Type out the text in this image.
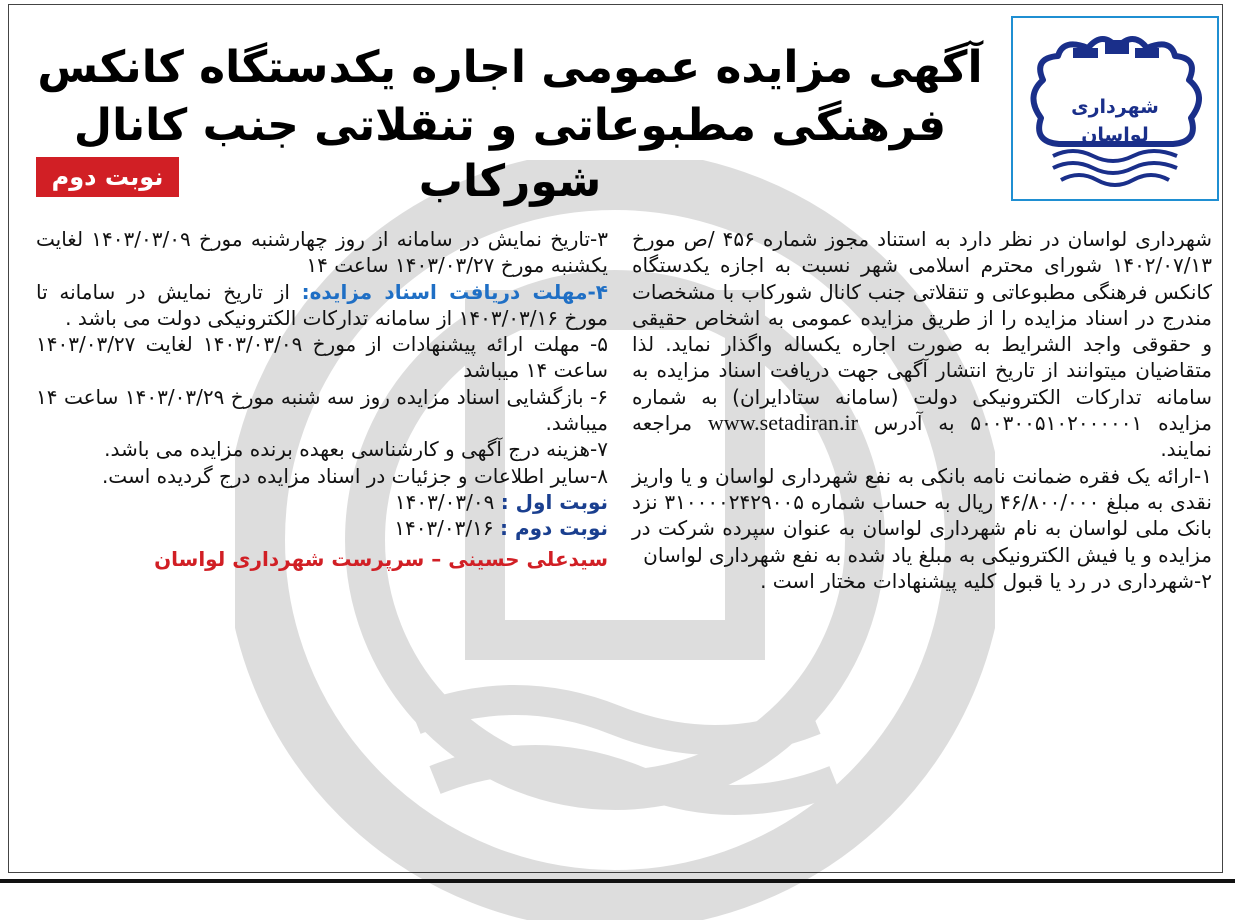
شهرداری
لواسان
آگهی مزایده عمومی اجاره یکدستگاه کانکس
فرهنگی مطبوعاتی و تنقلاتی جنب کانال شورکاب
نوبت دوم

شهرداری لواسان در نظر دارد به استناد مجوز شماره ۴۵۶ /ص مورخ ۱۴۰۲/۰۷/۱۳ شورای محترم اسلامی شهر نسبت به اجازه یکدستگاه کانکس فرهنگی مطبوعاتی و تنقلاتی جنب کانال شورکاب با مشخصات مندرج در اسناد مزایده را از طریق مزایده عمومی به اشخاص حقیقی و حقوقی واجد الشرایط به صورت اجاره یکساله واگذار نماید. لذا متقاضیان میتوانند از تاریخ انتشار آگهی جهت دریافت اسناد مزایده به سامانه تدارکات الکترونیکی دولت (سامانه ستادایران) به شماره مزایده ۵۰۰۳۰۰۵۱۰۲۰۰۰۰۰۱ به آدرس www.setadiran.ir مراجعه نمایند.

۱-ارائه یک فقره ضمانت نامه بانکی به نفع شهرداری لواسان و یا واریز نقدی به مبلغ ۴۶/۸۰۰/۰۰۰ ریال به حساب شماره ۳۱۰۰۰۰۲۴۲۹۰۰۵ نزد بانک ملی لواسان به نام شهرداری لواسان به عنوان سپرده شرکت در مزایده و یا فیش الکترونیکی به مبلغ یاد شده به نفع شهرداری لواسان

۲-شهرداری در رد یا قبول کلیه پیشنهادات مختار است .

۳-تاریخ نمایش در سامانه از روز چهارشنبه مورخ ۱۴۰۳/۰۳/۰۹ لغایت یکشنبه مورخ ۱۴۰۳/۰۳/۲۷ ساعت ۱۴

۴-مهلت دریافت اسناد مزایده: از تاریخ نمایش در سامانه تا مورخ ۱۴۰۳/۰۳/۱۶ از سامانه تدارکات الکترونیکی دولت می باشد .

۵- مهلت ارائه پیشنهادات از مورخ ۱۴۰۳/۰۳/۰۹ لغایت ۱۴۰۳/۰۳/۲۷ ساعت ۱۴ میباشد

۶- بازگشایی اسناد مزایده روز سه شنبه مورخ ۱۴۰۳/۰۳/۲۹ ساعت ۱۴ میباشد.

۷-هزینه درج آگهی و کارشناسی بعهده برنده مزایده می باشد.

۸-سایر اطلاعات و جزئیات در اسناد مزایده درج گردیده است.

نوبت اول : ۱۴۰۳/۰۳/۰۹

نوبت دوم : ۱۴۰۳/۰۳/۱۶

سیدعلی حسینی – سرپرست شهرداری لواسان
